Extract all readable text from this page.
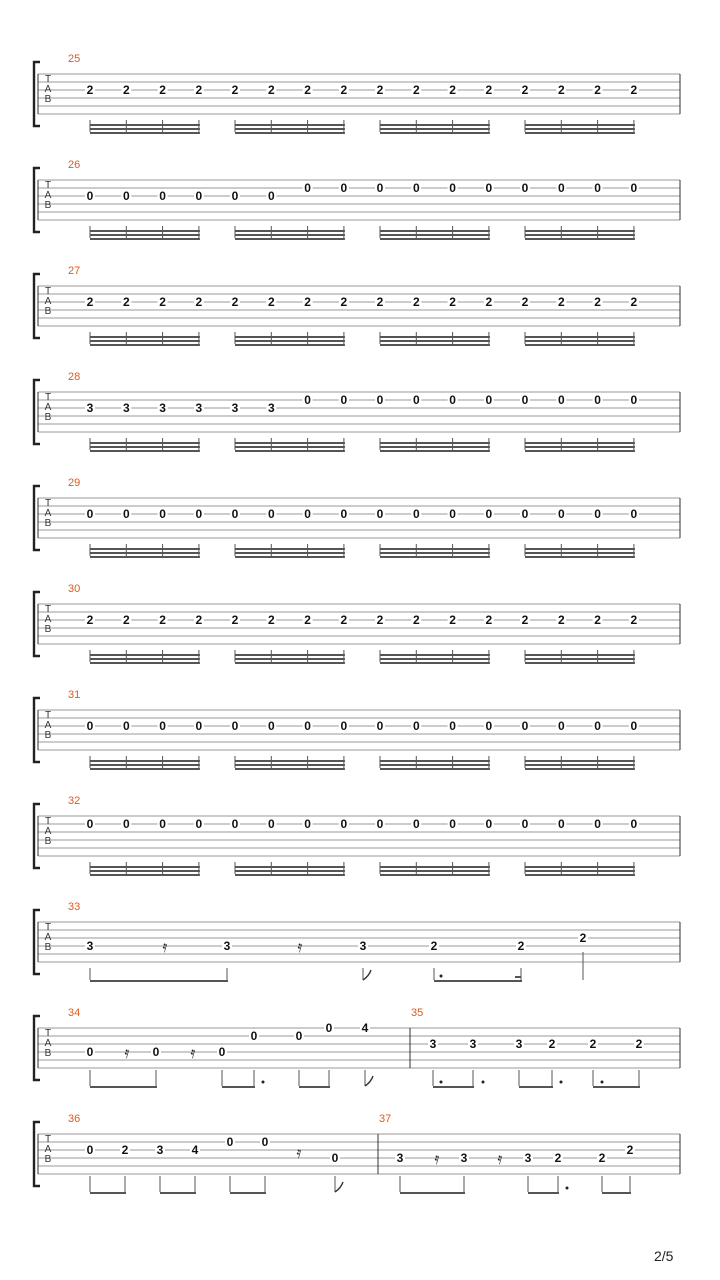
T
A
B
25
2 2 2 2 2 2 2 2 2 2 2 2 2 2 2 2
T
A
B
26
0 0 0 0 0 0
0 0 0 0 0 0 0 0 0 0
T
A
B
27
2 2 2 2 2 2 2 2 2 2 2 2 2 2 2 2
T
A
B
28
3 3 3 3 3 3
0 0 0 0 0 0 0 0 0 0
T
A
B
29
0 0 0 0 0 0 0 0 0 0 0 0 0 0 0 0
T
A
B
30
2 2 2 2 2 2 2 2 2 2 2 2 2 2 2 2
T
A
B
31
0 0 0 0 0 0 0 0 0 0 0 0 0 0 0 0
T
A
B
32
0 0 0 0 0 0 0 0 0 0 0 0 0 0 0 0
T
A
B
33
3	3	3	2	2
2
𝄿	𝄿
T
A
B
34
0	0	0
0	0
0 4
35
3	3	3 2	2	2
𝄿	𝄿
T
A
B
36
0 2 3 4
0 0
0
37
3	3	3 2	2
2
𝄿	𝄿	𝄿
2/5
